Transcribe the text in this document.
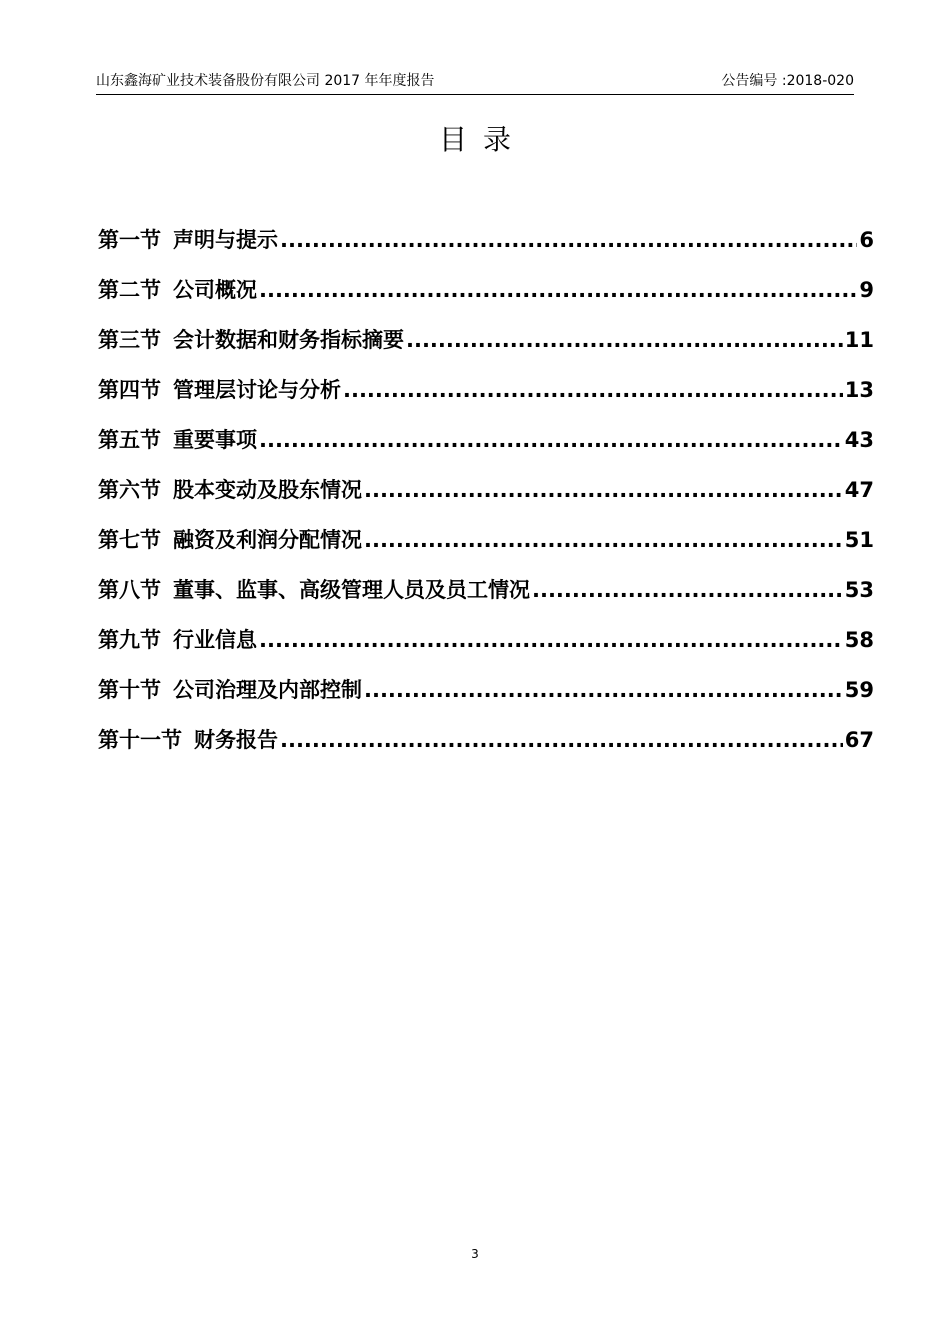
山东鑫海矿业技术装备股份有限公司 2017 年年度报告	公告编号 :2018-020
目录
第一节 声明与提示 .....	6
第二节 公司概况 .....	9
第三节 会计数据和财务指标摘要 .....	11
第四节 管理层讨论与分析 .....	13
第五节 重要事项 .....	43
第六节 股本变动及股东情况 .....	47
第七节 融资及利润分配情况 .....	51
第八节 董事、监事、高级管理人员及员工情况 .....	53
第九节 行业信息 .....	58
第十节 公司治理及内部控制 .....	59
第十一节 财务报告 .....	67
3
